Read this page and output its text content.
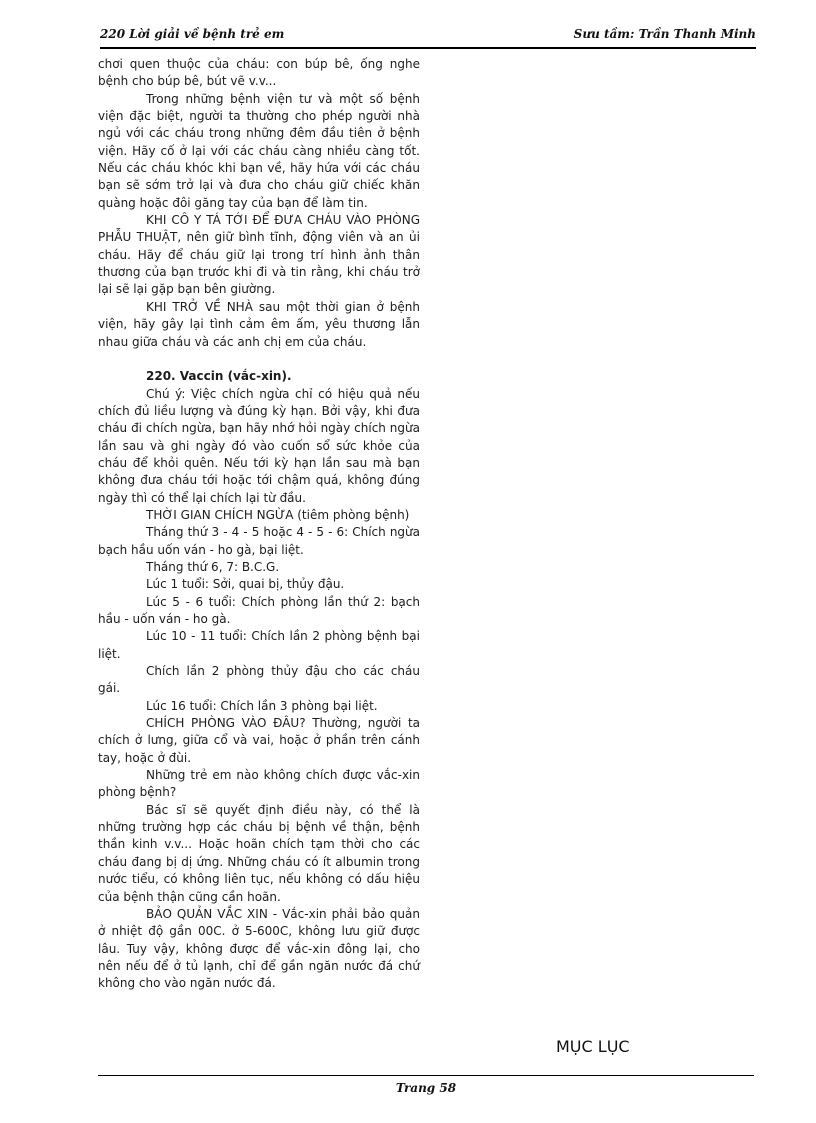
220 Lời giải về bệnh trẻ em	Sưu tầm: Trần Thanh Minh

chơi quen thuộc của cháu: con búp bê, ống nghe bệnh cho búp bê, bút vẽ v.v...

Trong những bệnh viện tư và một số bệnh viện đặc biệt, người ta thường cho phép người nhà ngủ với các cháu trong những đêm đầu tiên ở bệnh viện. Hãy cố ở lại với các cháu càng nhiều càng tốt. Nếu các cháu khóc khi bạn về, hãy hứa với các cháu bạn sẽ sớm trở lại và đưa cho cháu giữ chiếc khăn quàng hoặc đôi găng tay của bạn để làm tin.

KHI CÔ Y TÁ TỚI ĐỂ ĐƯA CHÁU VÀO PHÒNG PHẪU THUẬT, nên giữ bình tĩnh, động viên và an ủi cháu. Hãy để cháu giữ lại trong trí hình ảnh thân thương của bạn trước khi đi và tin rằng, khi cháu trở lại sẽ lại gặp bạn bên giường.

KHI TRỞ VỀ NHÀ sau một thời gian ở bệnh viện, hãy gây lại tình cảm êm ấm, yêu thương lẫn nhau giữa cháu và các anh chị em của cháu.

220. Vaccin (vắc-xin).

Chú ý: Việc chích ngừa chỉ có hiệu quả nếu chích đủ liều lượng và đúng kỳ hạn. Bởi vậy, khi đưa cháu đi chích ngừa, bạn hãy nhớ hỏi ngày chích ngừa lần sau và ghi ngày đó vào cuốn sổ sức khỏe của cháu để khỏi quên. Nếu tới kỳ hạn lần sau mà bạn không đưa cháu tới hoặc tới chậm quá, không đúng ngày thì có thể lại chích lại từ đầu.

THỜI GIAN CHÍCH NGỪA (tiêm phòng bệnh)

Tháng thứ 3 - 4 - 5 hoặc 4 - 5 - 6: Chích ngừa bạch hầu uốn ván - ho gà, bại liệt.

Tháng thứ 6, 7: B.C.G.

Lúc 1 tuổi: Sởi, quai bị, thủy đậu.

Lúc 5 - 6 tuổi: Chích phòng lần thứ 2: bạch hầu - uốn ván - ho gà.

Lúc 10 - 11 tuổi: Chích lần 2 phòng bệnh bại liệt.

Chích lần 2 phòng thủy đậu cho các cháu gái.

Lúc 16 tuổi: Chích lần 3 phòng bại liệt.

CHÍCH PHÒNG VÀO ĐÂU? Thường, người ta chích ở lưng, giữa cổ và vai, hoặc ở phần trên cánh tay, hoặc ở đùi.

Những trẻ em nào không chích được vắc-xin phòng bệnh?

Bác sĩ sẽ quyết định điều này, có thể là những trường hợp các cháu bị bệnh về thận, bệnh thần kinh v.v... Hoặc hoãn chích tạm thời cho các cháu đang bị dị ứng. Những cháu có ít albumin trong nước tiểu, có không liên tục, nếu không có dấu hiệu của bệnh thận cũng cần hoãn.

BẢO QUẢN VẮC XIN - Vắc-xin phải bảo quản ở nhiệt độ gần 00C. ở 5-600C, không lưu giữ được lâu. Tuy vậy, không được để vắc-xin đông lại, cho nên nếu để ở tủ lạnh, chỉ để gần ngăn nước đá chứ không cho vào ngăn nước đá.

MỤC LỤC
Trang 58
